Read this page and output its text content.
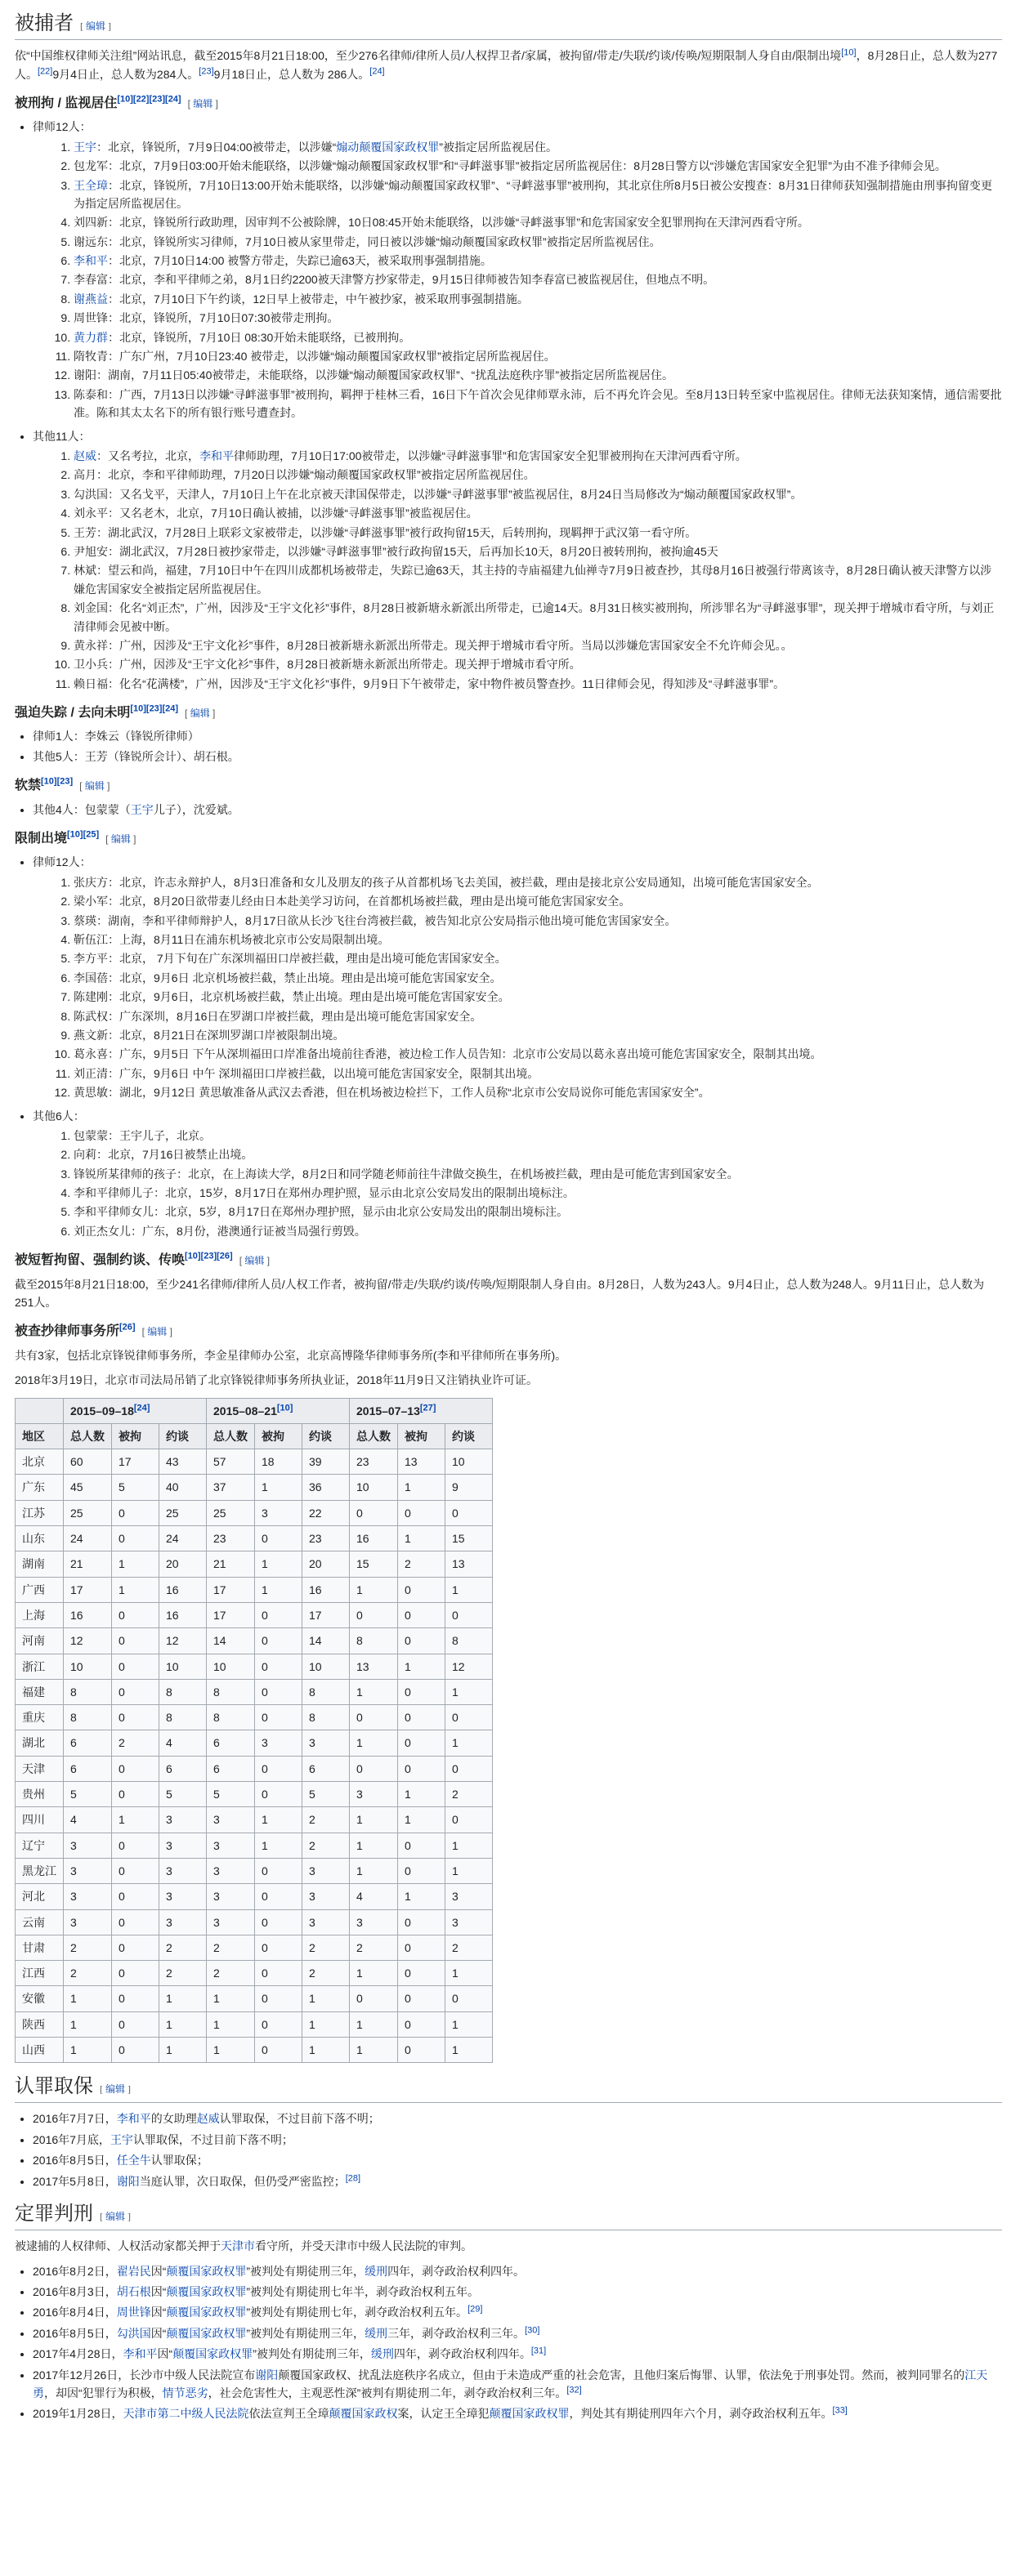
被捕者 [ 编辑 ]

依“中国维权律师关注组”网站讯息，截至2015年8月21日18:00，至少276名律师/律所人员/人权捍卫者/家属，被拘留/带走/失联/约谈/传唤/短期限制人身自由/限制出境[10]，8月28日止，总人数为277人。[22]9月4日止，总人数为284人。[23]9月18日止，总人数为 286人。[24]

被刑拘 / 监视居住[10][22][23][24] [ 编辑 ]
• 律师12人：
1. 王宇：北京，锋锐所，7月9日04:00被带走，以涉嫌“煽动颠覆国家政权罪”被指定居所监视居住。
2. 包龙军：北京，7月9日03:00开始未能联络，以涉嫌“煽动颠覆国家政权罪”和“寻衅滋事罪”被指定居所监视居住：8月28日警方以“涉嫌危害国家安全犯罪”为由不准予律师会见。
3. 王全璋：北京，锋锐所，7月10日13:00开始未能联络，以涉嫌“煽动颠覆国家政权罪”、“寻衅滋事罪”被刑拘，其北京住所8月5日被公安搜查：8月31日律师获知强制措施由刑事拘留变更为指定居所监视居住。
4. 刘四新：北京，锋锐所行政助理，因审判不公被除牌，10日08:45开始未能联络，以涉嫌“寻衅滋事罪”和危害国家安全犯罪刑拘在天津河西看守所。
5. 谢远东：北京，锋锐所实习律师，7月10日被从家里带走，同日被以涉嫌“煽动颠覆国家政权罪”被指定居所监视居住。
6. 李和平：北京，7月10日14:00 被警方带走，失踪已逾63天，被采取刑事强制措施。
7. 李春富：北京，李和平律师之弟，8月1日约2200被天津警方抄家带走，9月15日律师被告知李春富已被监视居住，但地点不明。
8. 谢燕益：北京，7月10日下午约谈，12日早上被带走，中午被抄家，被采取刑事强制措施。
9. 周世锋：北京，锋锐所，7月10日07:30被带走刑拘。
10. 黄力群：北京，锋锐所，7月10日 08:30开始未能联络，已被刑拘。
11. 隋牧青：广东广州，7月10日23:40 被带走，以涉嫌“煽动颠覆国家政权罪”被指定居所监视居住。
12. 谢阳：湖南，7月11日05:40被带走，未能联络，以涉嫌“煽动颠覆国家政权罪”、“扰乱法庭秩序罪”被指定居所监视居住。
13. 陈泰和：广西，7月13日以涉嫌“寻衅滋事罪”被刑拘，羁押于桂林三看，16日下午首次会见律师覃永沛，后不再允许会见。至8月13日转至家中监视居住。律师无法获知案情，通信需要批准。陈和其太太名下的所有银行账号遭查封。
• 其他11人：
1. 赵威：又名考拉，北京，李和平律师助理，7月10日17:00被带走，以涉嫌“寻衅滋事罪”和危害国家安全犯罪被刑拘在天津河西看守所。
2. 高月：北京，李和平律师助理，7月20日以涉嫌“煽动颠覆国家政权罪”被指定居所监视居住。
3. 勾洪国：又名戈平，天津人，7月10日上午在北京被天津国保带走，以涉嫌“寻衅滋事罪”被监视居住，8月24日当局修改为“煽动颠覆国家政权罪”。
4. 刘永平：又名老木，北京，7月10日确认被捕，以涉嫌“寻衅滋事罪”被监视居住。
5. 王芳：湖北武汉，7月28日上联彩文家被带走，以涉嫌“寻衅滋事罪”被行政拘留15天，后转刑拘，现羁押于武汉第一看守所。
6. 尹旭安：湖北武汉，7月28日被抄家带走，以涉嫌“寻衅滋事罪”被行政拘留15天，后再加长10天，8月20日被转刑拘，被拘逾45天
7. 林斌：望云和尚，福建，7月10日中午在四川成都机场被带走，失踪已逾63天，其主持的寺庙福建九仙禅寺7月9日被查抄，其母8月16日被强行带离该寺，8月28日确认被天津警方以涉嫌危害国家安全被指定居所监视居住。
8. 刘金国：化名“刘正杰”，广州，因涉及“王宇文化衫”事件，8月28日被新塘永新派出所带走，已逾14天。8月31日核实被刑拘，所涉罪名为“寻衅滋事罪”，现关押于增城市看守所，与刘正清律师会见被中断。
9. 黄永祥：广州，因涉及“王宇文化衫”事件，8月28日被新塘永新派出所带走。现关押于增城市看守所。当局以涉嫌危害国家安全不允许师会见。。
10. 卫小兵：广州，因涉及“王宇文化衫”事件，8月28日被新塘永新派出所带走。现关押于增城市看守所。
11. 赖日福：化名“花满楼”，广州，因涉及“王宇文化衫”事件，9月9日下午被带走，家中物件被员警查抄。11日律师会见，得知涉及“寻衅滋事罪”。
强迫失踪 / 去向未明[10][23][24] [ 编辑 ]
• 律师1人：李姝云（锋锐所律师）
• 其他5人：王芳（锋锐所会计）、胡石根。
软禁[10][23] [ 编辑 ]
• 其他4人：包蒙蒙（王宇儿子），沈爱斌。
限制出境[10][25] [ 编辑 ]
• 律师12人：
1. 张庆方：北京，许志永辩护人，8月3日准备和女儿及朋友的孩子从首都机场飞去美国，被拦截，理由是接北京公安局通知，出境可能危害国家安全。
2. 梁小军：北京，8月20日欲带妻儿经由日本赴美学习访问，在首都机场被拦截，理由是出境可能危害国家安全。
3. 蔡瑛：湖南，李和平律师辩护人，8月17日欲从长沙飞往台湾被拦截，被告知北京公安局指示他出境可能危害国家安全。
4. 靳伍江：上海，8月11日在浦东机场被北京市公安局限制出境。
5. 李方平：北京， 7月下旬在广东深圳福田口岸被拦截，理由是出境可能危害国家安全。
6. 李国蓓：北京，9月6日 北京机场被拦截，禁止出境。理由是出境可能危害国家安全。
7. 陈建刚：北京，9月6日，北京机场被拦截，禁止出境。理由是出境可能危害国家安全。
8. 陈武权：广东深圳，8月16日在罗湖口岸被拦截，理由是出境可能危害国家安全。
9. 燕文新：北京，8月21日在深圳罗湖口岸被限制出境。
10. 葛永喜：广东，9月5日 下午从深圳福田口岸准备出境前往香港，被边检工作人员告知：北京市公安局以葛永喜出境可能危害国家安全，限制其出境。
11. 刘正清：广东，9月6日 中午 深圳福田口岸被拦截，以出境可能危害国家安全，限制其出境。
12. 黄思敏：湖北，9月12日 黄思敏准备从武汉去香港，但在机场被边检拦下，工作人员称“北京市公安局说你可能危害国家安全”。
• 其他6人：
1. 包蒙蒙：王宇儿子，北京。
2. 向莉：北京，7月16日被禁止出境。
3. 锋锐所某律师的孩子：北京，在上海读大学，8月2日和同学随老师前往牛津做交换生，在机场被拦截，理由是可能危害到国家安全。
4. 李和平律师儿子：北京，15岁，8月17日在郑州办理护照，显示由北京公安局发出的限制出境标注。
5. 李和平律师女儿：北京，5岁，8月17日在郑州办理护照，显示由北京公安局发出的限制出境标注。
6. 刘正杰女儿：广东，8月份，港澳通行证被当局强行剪毁。
被短暂拘留、强制约谈、传唤[10][23][26] [ 编辑 ]

截至2015年8月21日18:00，至少241名律师/律所人员/人权工作者，被拘留/带走/失联/约谈/传唤/短期限制人身自由。8月28日，人数为243人。9月4日止，总人数为248人。9月11日止，总人数为251人。

被查抄律师事务所[26] [ 编辑 ]

共有3家，包括北京锋锐律师事务所，李金星律师办公室，北京高博隆华律师事务所(李和平律师所在事务所)。

2018年3月19日，北京市司法局吊销了北京锋锐律师事务所执业证，2018年11月9日又注销执业许可证。

	2015–09–18[24]			2015–08–21[10]			2015–07–13[27]
地区	总人数	被拘	约谈	总人数	被拘	约谈	总人数	被拘	约谈
北京	60	17	43	57	18	39	23	13	10
广东	45	5	40	37	1	36	10	1	9
江苏	25	0	25	25	3	22	0	0	0
山东	24	0	24	23	0	23	16	1	15
湖南	21	1	20	21	1	20	15	2	13
广西	17	1	16	17	1	16	1	0	1
上海	16	0	16	17	0	17	0	0	0
河南	12	0	12	14	0	14	8	0	8
浙江	10	0	10	10	0	10	13	1	12
福建	8	0	8	8	0	8	1	0	1
重庆	8	0	8	8	0	8	0	0	0
湖北	6	2	4	6	3	3	1	0	1
天津	6	0	6	6	0	6	0	0	0
贵州	5	0	5	5	0	5	3	1	2
四川	4	1	3	3	1	2	1	1	0
辽宁	3	0	3	3	1	2	1	0	1
黑龙江	3	0	3	3	0	3	1	0	1
河北	3	0	3	3	0	3	4	1	3
云南	3	0	3	3	0	3	3	0	3
甘肃	2	0	2	2	0	2	2	0	2
江西	2	0	2	2	0	2	1	0	1
安徽	1	0	1	1	0	1	0	0	0
陕西	1	0	1	1	0	1	1	0	1
山西	1	0	1	1	0	1	1	0	1
认罪取保 [ 编辑 ]
• 2016年7月7日，李和平的女助理赵威认罪取保，不过目前下落不明；
• 2016年7月底，王宇认罪取保，不过目前下落不明；
• 2016年8月5日，任全牛认罪取保；
• 2017年5月8日，谢阳当庭认罪，次日取保，但仍受严密监控；[28]
定罪判刑 [ 编辑 ]

被逮捕的人权律师、人权活动家都关押于天津市看守所，并受天津市中级人民法院的审判。

• 2016年8月2日，翟岩民因“颠覆国家政权罪”被判处有期徒刑三年，缓刑四年，剥夺政治权利四年。
• 2016年8月3日，胡石根因“颠覆国家政权罪”被判处有期徒刑七年半，剥夺政治权利五年。
• 2016年8月4日，周世锋因“颠覆国家政权罪”被判处有期徒刑七年，剥夺政治权利五年。[29]
• 2016年8月5日，勾洪国因“颠覆国家政权罪”被判处有期徒刑三年，缓刑三年，剥夺政治权利三年。[30]
• 2017年4月28日，李和平因“颠覆国家政权罪”被判处有期徒刑三年，缓刑四年，剥夺政治权利四年。[31]
• 2017年12月26日，长沙市中级人民法院宣布谢阳颠覆国家政权、扰乱法庭秩序名成立，但由于未造成严重的社会危害，且他归案后悔罪、认罪，依法免于刑事处罚。然而，被判同罪名的江天勇，却因“犯罪行为积极，情节恶劣，社会危害性大，主观恶性深”被判有期徒刑二年，剥夺政治权利三年。[32]
• 2019年1月28日，天津市第二中级人民法院依法宣判王全璋颠覆国家政权案，认定王全璋犯颠覆国家政权罪，判处其有期徒刑四年六个月，剥夺政治权利五年。[33]
